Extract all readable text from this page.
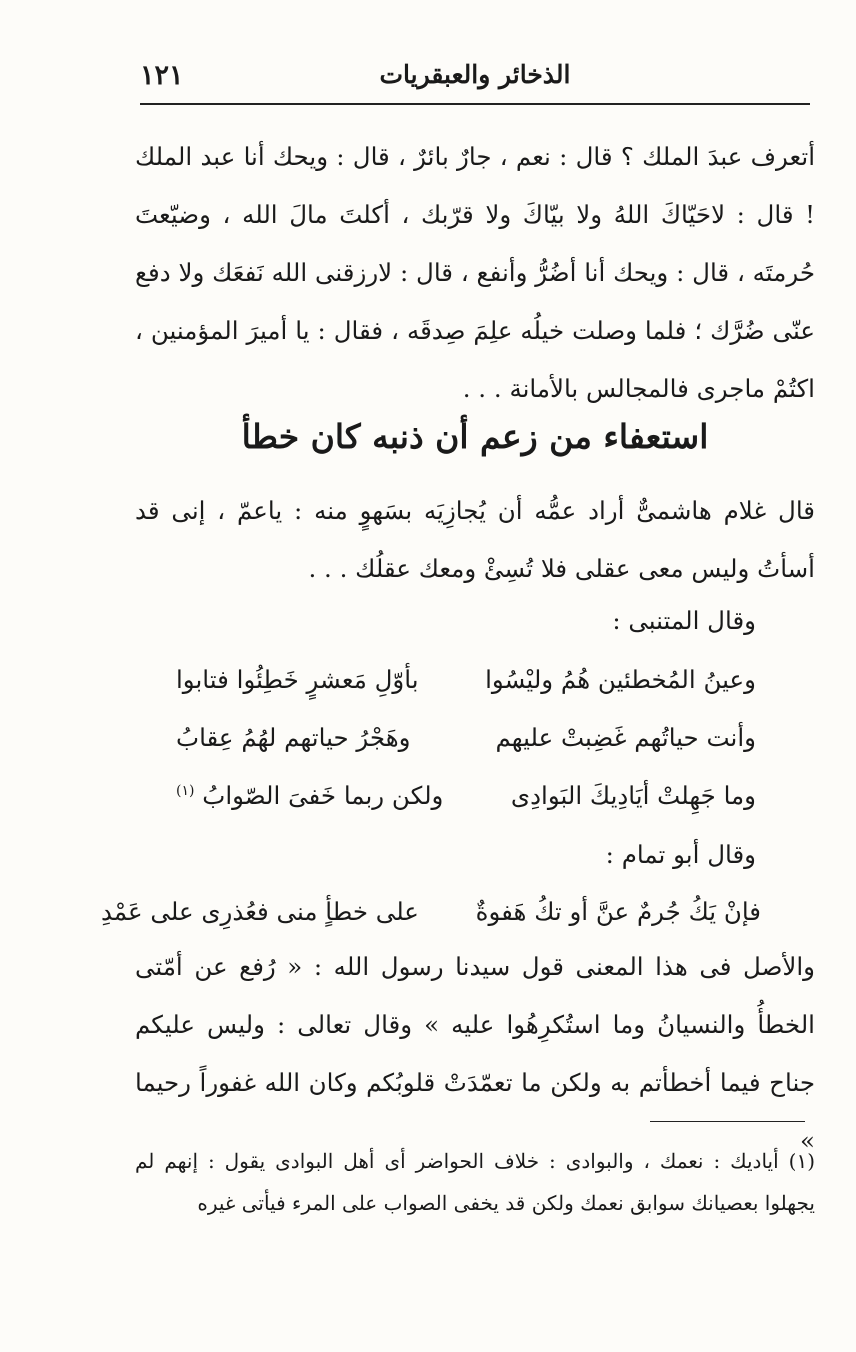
الذخائر والعبقريات
١٢١
أتعرف عبدَ الملك ؟ قال : نعم ، جارٌ بائرٌ ، قال : ويحك أنا عبد الملك ! قال : لاحَيّاكَ اللهُ ولا بيّاكَ ولا قرّبك ، أكلتَ مالَ الله ، وضيّعتَ حُرمتَه ، قال : ويحك أنا أضُرُّ وأنفع ، قال : لارزقنى الله نَفعَك ولا دفع عنّى ضُرَّك ؛ فلما وصلت خيلُه علِمَ صِدقَه ، فقال : يا أميرَ المؤمنين ، اكتُمْ ماجرى فالمجالس بالأمانة . . .
استعفاء من زعم أن ذنبه كان خطأ
قال غلام هاشمىٌّ أراد عمُّه أن يُجازِيَه بسَهوٍ منه : ياعمّ ، إنى قد أسأتُ وليس معى عقلى فلا تُسِئْ ومعك عقلُك . . .
وقال المتنبى :
وعينُ المُخطئين هُمُ وليْسُوا
بأوّلِ مَعشرٍ خَطِئُوا فتابوا
وأنت حياتُهم غَضِبتْ عليهم
وهَجْرُ حياتهم لهُمُ عِقابُ
وما جَهِلتْ أيَادِيكَ البَوادِى
ولكن ربما خَفىَ الصّوابُ $^{(١)}$
وقال أبو تمام :
فإنْ يَكُ جُرمٌ عنَّ أو تكُ هَفوةٌ
على خطأٍ منى فعُذرِى على عَمْدِ
والأصل فى هذا المعنى قول سيدنا رسول الله : « رُفع عن أمّتى الخطأُ والنسيانُ وما استُكرِهُوا عليه » وقال تعالى : وليس عليكم جناح فيما أخطأتم به ولكن ما تعمّدَتْ قلوبُكم وكان الله غفوراً رحيما »
(١) أياديك : نعمك ، والبوادى : خلاف الحواضر أى أهل البوادى يقول : إنهم لم يجهلوا بعصيانك سوابق نعمك ولكن قد يخفى الصواب على المرء فيأتى غيره
